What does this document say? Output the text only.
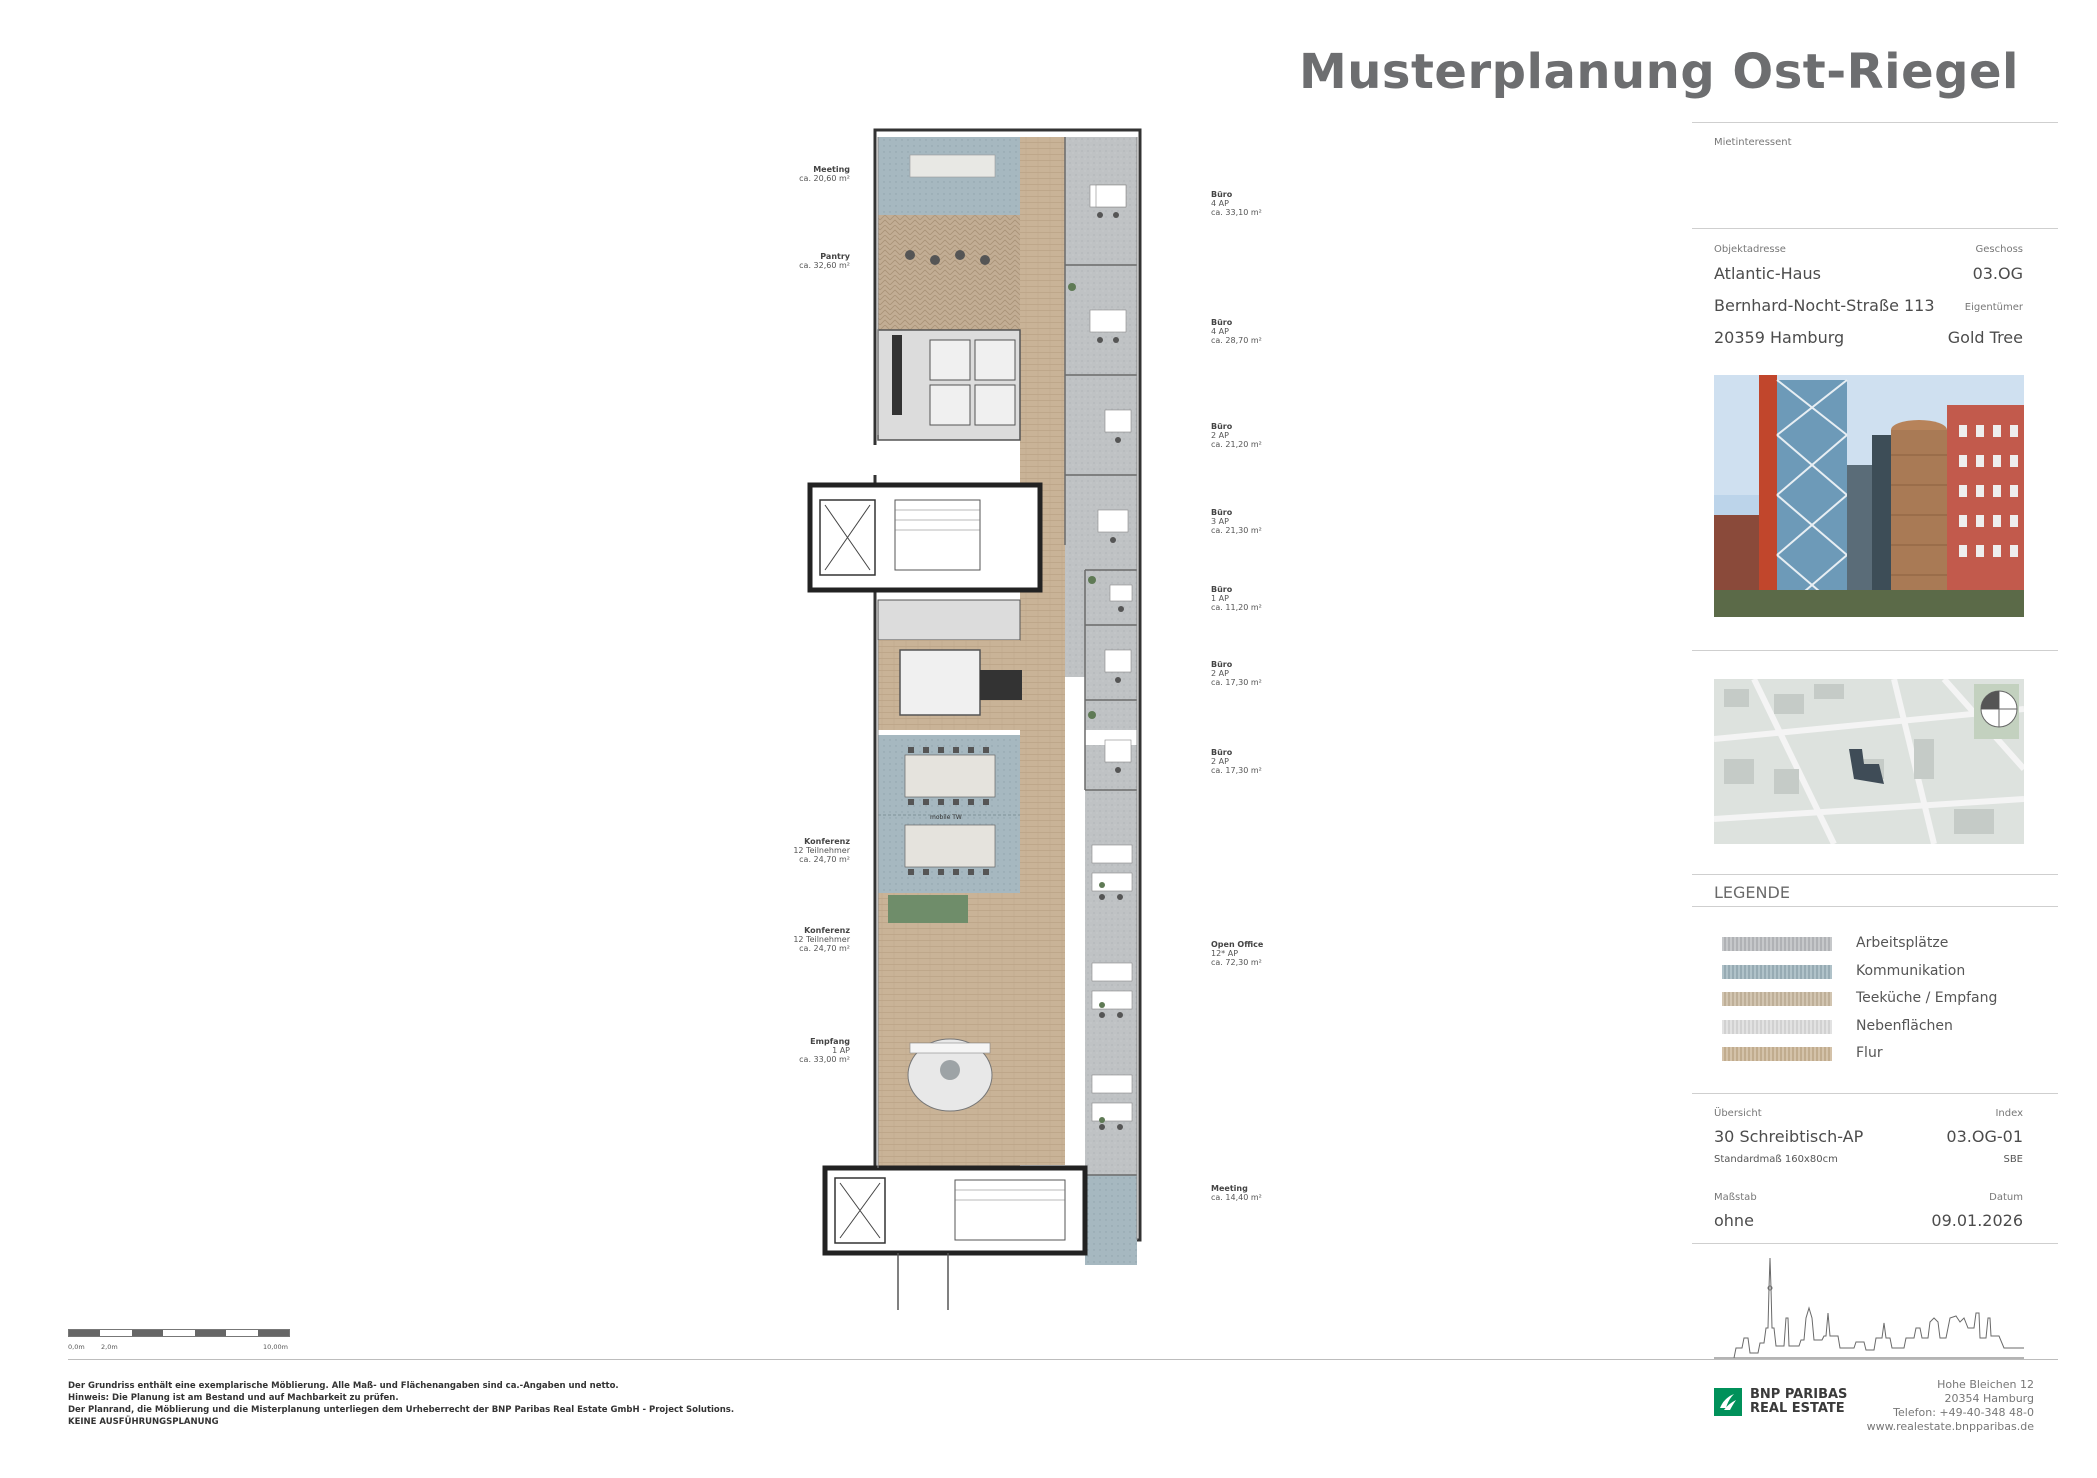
Musterplanung Ost-Riegel
mobile TW
Meeting
ca. 20,60 m²
Pantry
ca. 32,60 m²
Konferenz
12 Teilnehmer
ca. 24,70 m²
Konferenz
12 Teilnehmer
ca. 24,70 m²
Empfang
1 AP
ca. 33,00 m²
Büro
4 AP
ca. 33,10 m²
Büro
4 AP
ca. 28,70 m²
Büro
2 AP
ca. 21,20 m²
Büro
3 AP
ca. 21,30 m²
Büro
1 AP
ca. 11,20 m²
Büro
2 AP
ca. 17,30 m²
Büro
2 AP
ca. 17,30 m²
Open Office
12* AP
ca. 72,30 m²
Meeting
ca. 14,40 m²
Mietinteressent
Objektadresse	Geschoss
Atlantic-Haus	03.OG
Bernhard-Nocht-Straße 113	Eigentümer
20359 Hamburg	Gold Tree
LEGENDE
Arbeitsplätze
Kommunikation
Teeküche / Empfang
Nebenflächen
Flur
Übersicht	Index
30 Schreibtisch-AP	03.OG-01
Standardmaß 160x80cm	SBE
Maßstab	Datum
ohne	09.01.2026
0,0m	2,0m	10,00m
Der Grundriss enthält eine exemplarische Möblierung. Alle Maß- und Flächenangaben sind ca.-Angaben und netto.
Hinweis: Die Planung ist am Bestand und auf Machbarkeit zu prüfen.
Der Planrand, die Möblierung und die Misterplanung unterliegen dem Urheberrecht der BNP Paribas Real Estate GmbH - Project Solutions.
KEINE AUSFÜHRUNGSPLANUNG
BNP PARIBAS
REAL ESTATE
Hohe Bleichen 12
20354 Hamburg
Telefon: +49-40-348 48-0
www.realestate.bnpparibas.de
